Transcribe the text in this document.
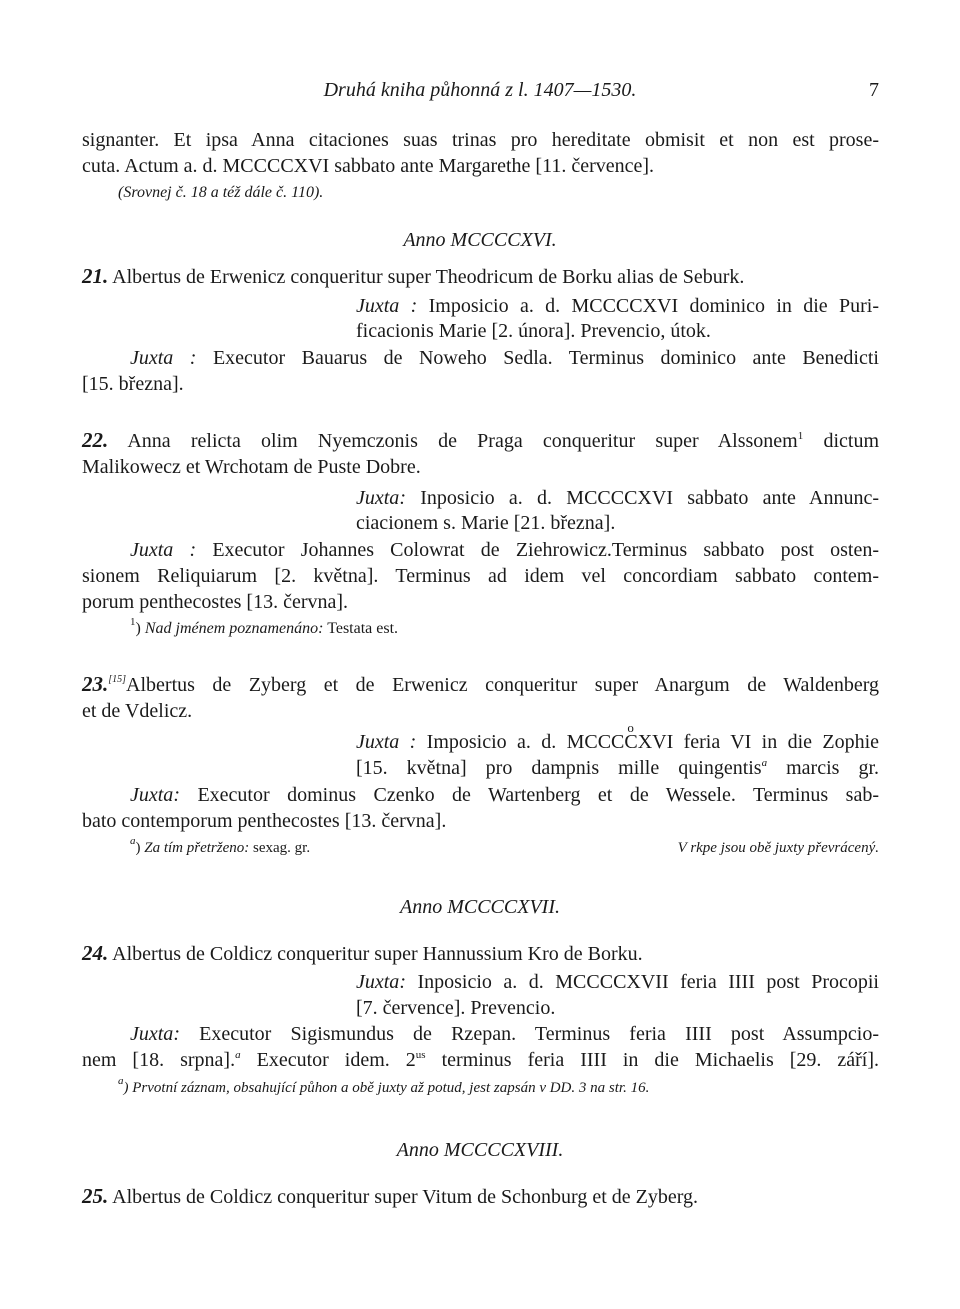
Druhá kniha půhonná z l. 1407—1530.	7
signanter. Et ipsa Anna citaciones suas trinas pro hereditate obmisit et non est prose-
cuta. Actum a. d. MCCCCXVI sabbato ante Margarethe [11. července].
(Srovnej č. 18 a též dále č. 110).
Anno MCCCCXVI.
21. Albertus de Erwenicz conqueritur super Theodricum de Borku alias de Seburk.
Juxta : Imposicio a. d. MCCCCXVI dominico in die Puri-
ficacionis Marie [2. února]. Prevencio, útok.
Juxta : Executor Bauarus de Noweho Sedla. Terminus dominico ante Benedicti
[15. března].
22. Anna relicta olim Nyemczonis de Praga conqueritur super Alssonem$^1$ dictum
Malikowecz et Wrchotam de Puste Dobre.
Juxta: Inposicio a. d. MCCCCXVI sabbato ante Annunc-
ciacionem s. Marie [21. března].
Juxta : Executor Johannes Colowrat de Ziehrowicz.Terminus sabbato post osten-
sionem Reliquiarum [2. května]. Terminus ad idem vel concordiam sabbato contem-
porum penthecostes [13. června].
$^1$) Nad jménem poznamenáno: Testata est.
23.[15]Albertus de Zyberg et de Erwenicz conqueritur super Anargum de Waldenberg
et de Vdelicz.
Juxta : Imposicio a. d. MCCCC
o
XVI feria VI in die Zophie
[15. května] pro dampnis mille quingentis$^a$ marcis gr.
Juxta: Executor dominus Czenko de Wartenberg et de Wessele. Terminus sab-
bato contemporum penthecostes [13. června].
$^a$) Za tím přetrženo: sexag. gr.	V rkpe jsou obě juxty převrácený.
Anno MCCCCXVII.
24. Albertus de Coldicz conqueritur super Hannussium Kro de Borku.
Juxta: Inposicio a. d. MCCCCXVII feria IIII post Procopii
[7. července]. Prevencio.
Juxta: Executor Sigismundus de Rzepan. Terminus feria IIII post Assumpcio-
nem [18. srpna].$^a$ Executor idem. $2^{us}$ terminus feria IIII in die Michaelis [29. září].
$^a$) Prvotní záznam, obsahující půhon a obě juxty až potud, jest zapsán v DD. 3 na str. 16.
Anno MCCCCXVIII.
25. Albertus de Coldicz conqueritur super Vitum de Schonburg et de Zyberg.
